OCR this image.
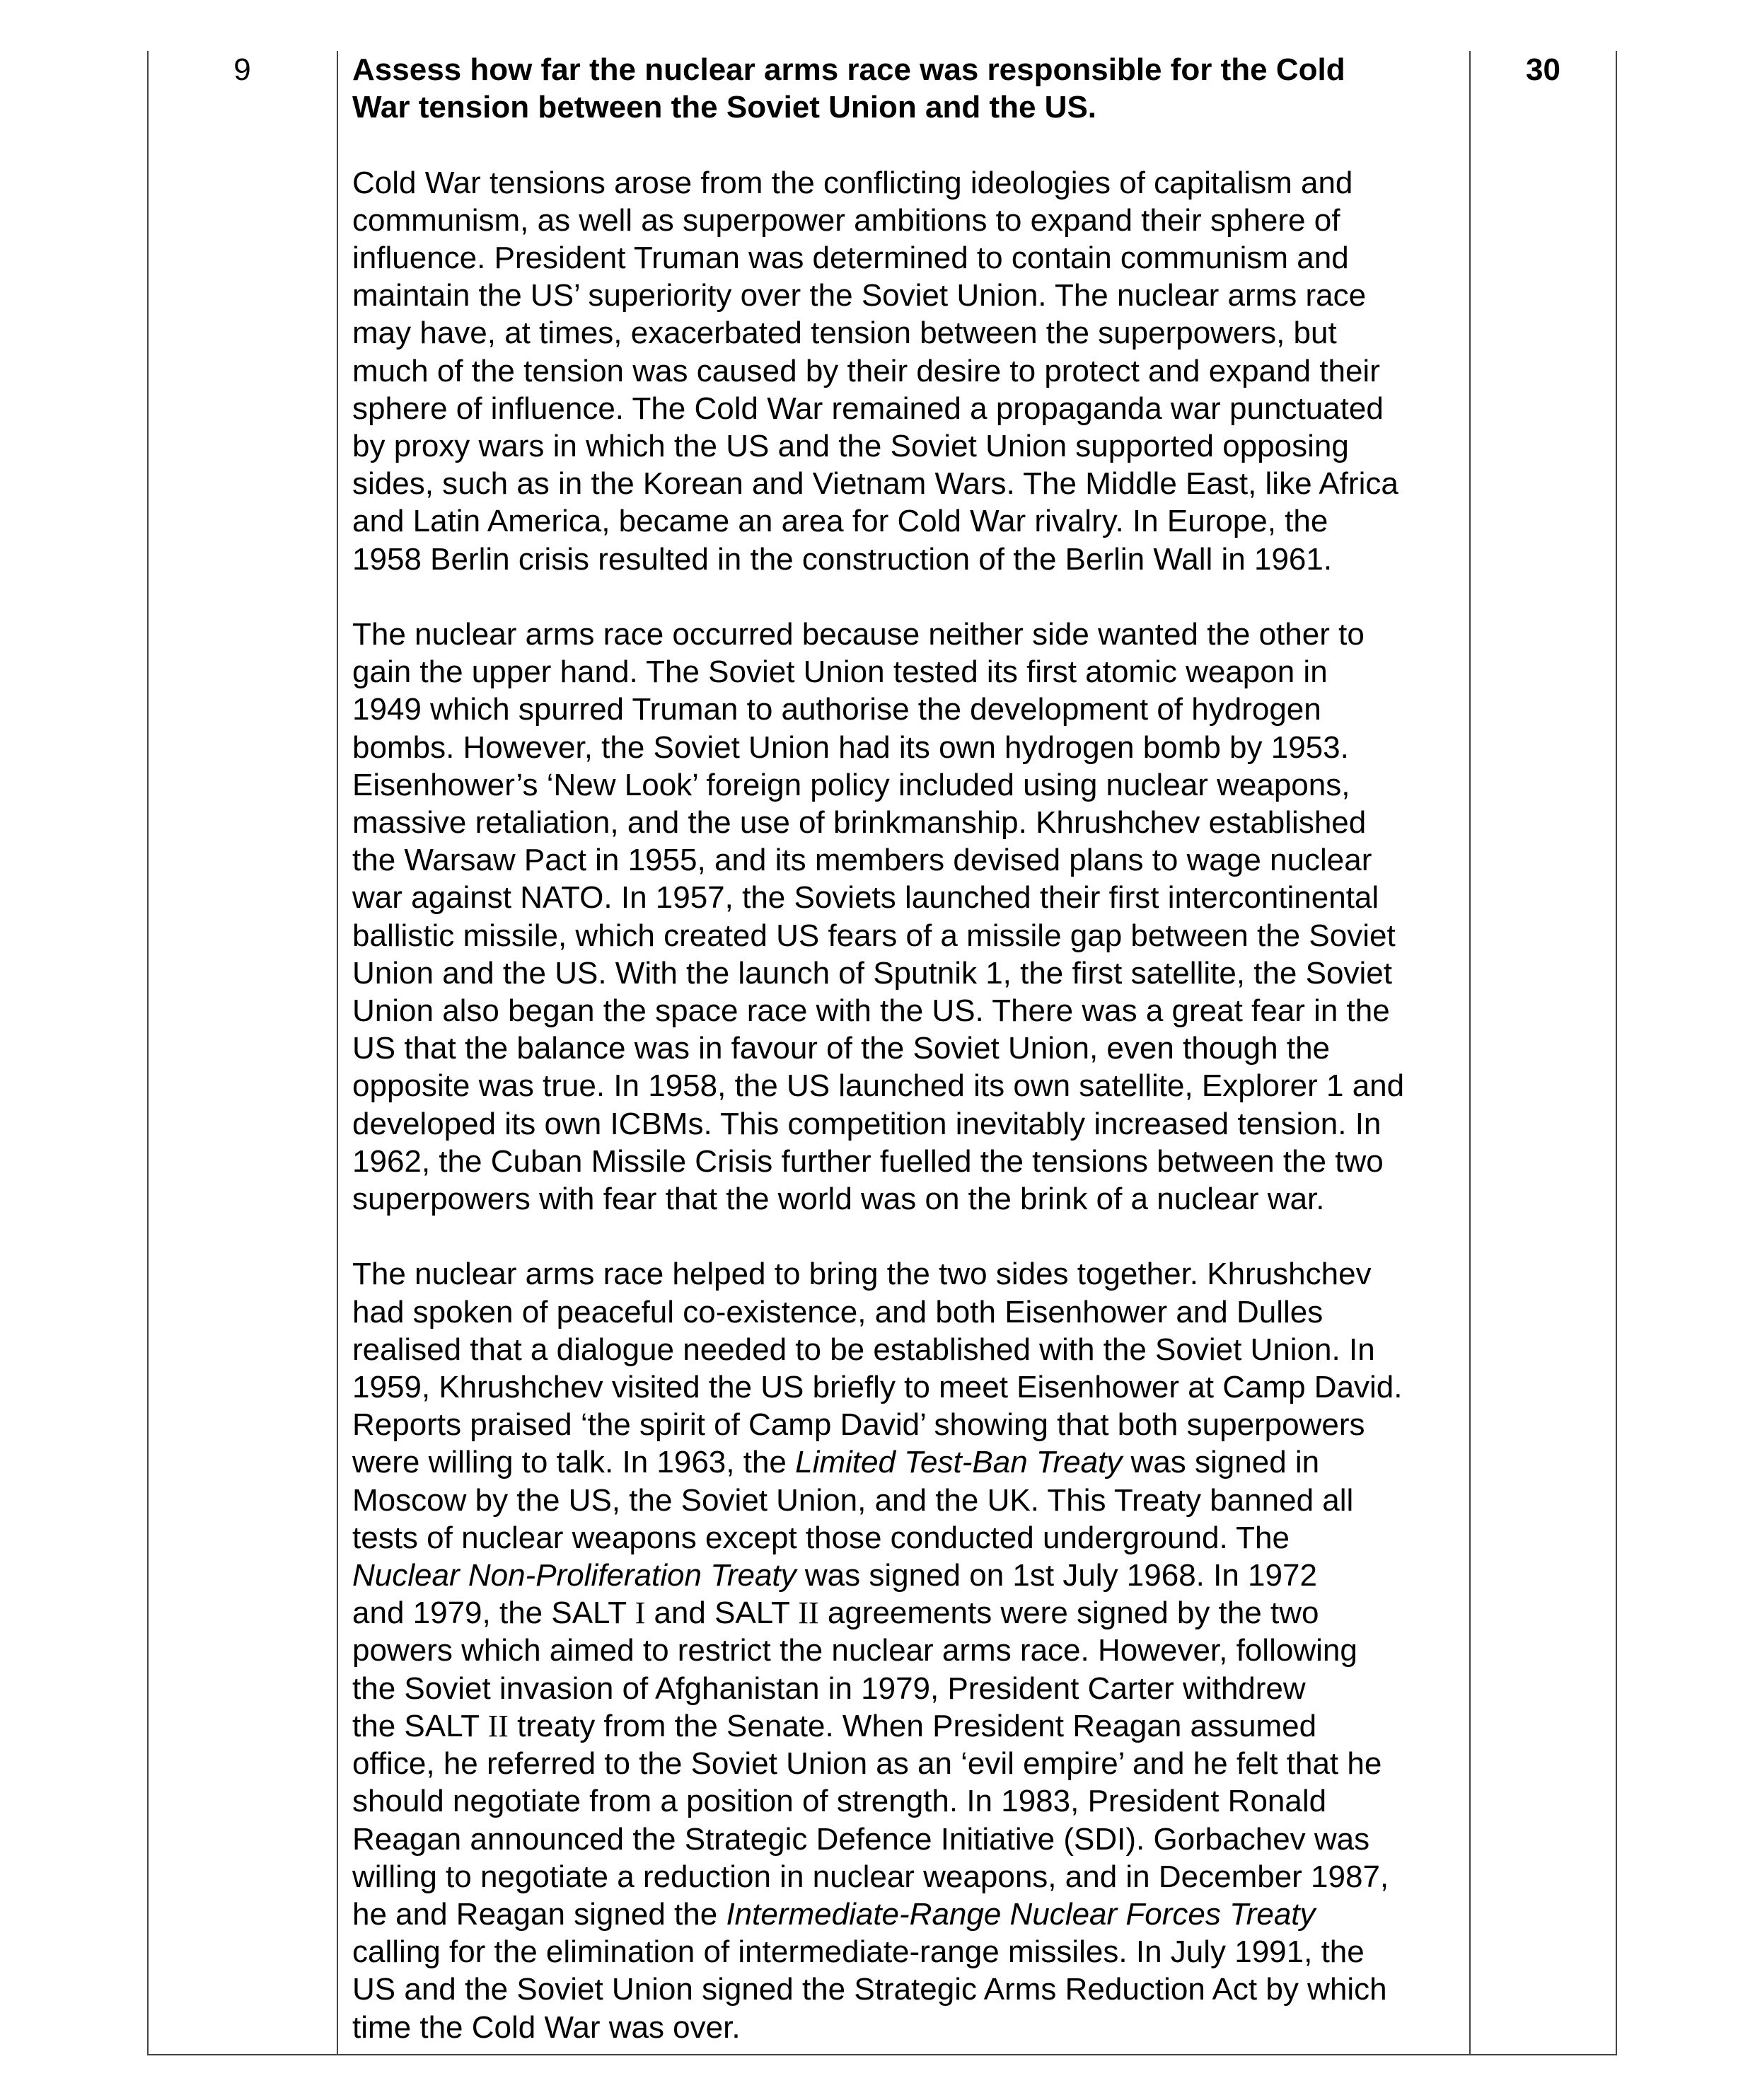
9	30
Assess how far the nuclear arms race was responsible for the Cold
War tension between the Soviet Union and the US.
Cold War tensions arose from the conflicting ideologies of capitalism and
communism, as well as superpower ambitions to expand their sphere of
influence. President Truman was determined to contain communism and
maintain the US’ superiority over the Soviet Union. The nuclear arms race
may have, at times, exacerbated tension between the superpowers, but
much of the tension was caused by their desire to protect and expand their
sphere of influence. The Cold War remained a propaganda war punctuated
by proxy wars in which the US and the Soviet Union supported opposing
sides, such as in the Korean and Vietnam Wars. The Middle East, like Africa
and Latin America, became an area for Cold War rivalry. In Europe, the
1958 Berlin crisis resulted in the construction of the Berlin Wall in 1961.
The nuclear arms race occurred because neither side wanted the other to
gain the upper hand. The Soviet Union tested its first atomic weapon in
1949 which spurred Truman to authorise the development of hydrogen
bombs. However, the Soviet Union had its own hydrogen bomb by 1953.
Eisenhower’s ‘New Look’ foreign policy included using nuclear weapons,
massive retaliation, and the use of brinkmanship. Khrushchev established
the Warsaw Pact in 1955, and its members devised plans to wage nuclear
war against NATO. In 1957, the Soviets launched their first intercontinental
ballistic missile, which created US fears of a missile gap between the Soviet
Union and the US. With the launch of Sputnik 1, the first satellite, the Soviet
Union also began the space race with the US. There was a great fear in the
US that the balance was in favour of the Soviet Union, even though the
opposite was true. In 1958, the US launched its own satellite, Explorer 1 and
developed its own ICBMs. This competition inevitably increased tension. In
1962, the Cuban Missile Crisis further fuelled the tensions between the two
superpowers with fear that the world was on the brink of a nuclear war.
The nuclear arms race helped to bring the two sides together. Khrushchev
had spoken of peaceful co-existence, and both Eisenhower and Dulles
realised that a dialogue needed to be established with the Soviet Union. In
1959, Khrushchev visited the US briefly to meet Eisenhower at Camp David.
Reports praised ‘the spirit of Camp David’ showing that both superpowers
were willing to talk. In 1963, the Limited Test-Ban Treaty was signed in
Moscow by the US, the Soviet Union, and the UK. This Treaty banned all
tests of nuclear weapons except those conducted underground. The
Nuclear Non-Proliferation Treaty was signed on 1st July 1968. In 1972
and 1979, the SALT I and SALT II agreements were signed by the two
powers which aimed to restrict the nuclear arms race. However, following
the Soviet invasion of Afghanistan in 1979, President Carter withdrew
the SALT II treaty from the Senate. When President Reagan assumed
office, he referred to the Soviet Union as an ‘evil empire’ and he felt that he
should negotiate from a position of strength. In 1983, President Ronald
Reagan announced the Strategic Defence Initiative (SDI). Gorbachev was
willing to negotiate a reduction in nuclear weapons, and in December 1987,
he and Reagan signed the Intermediate-Range Nuclear Forces Treaty
calling for the elimination of intermediate-range missiles. In July 1991, the
US and the Soviet Union signed the Strategic Arms Reduction Act by which
time the Cold War was over.
